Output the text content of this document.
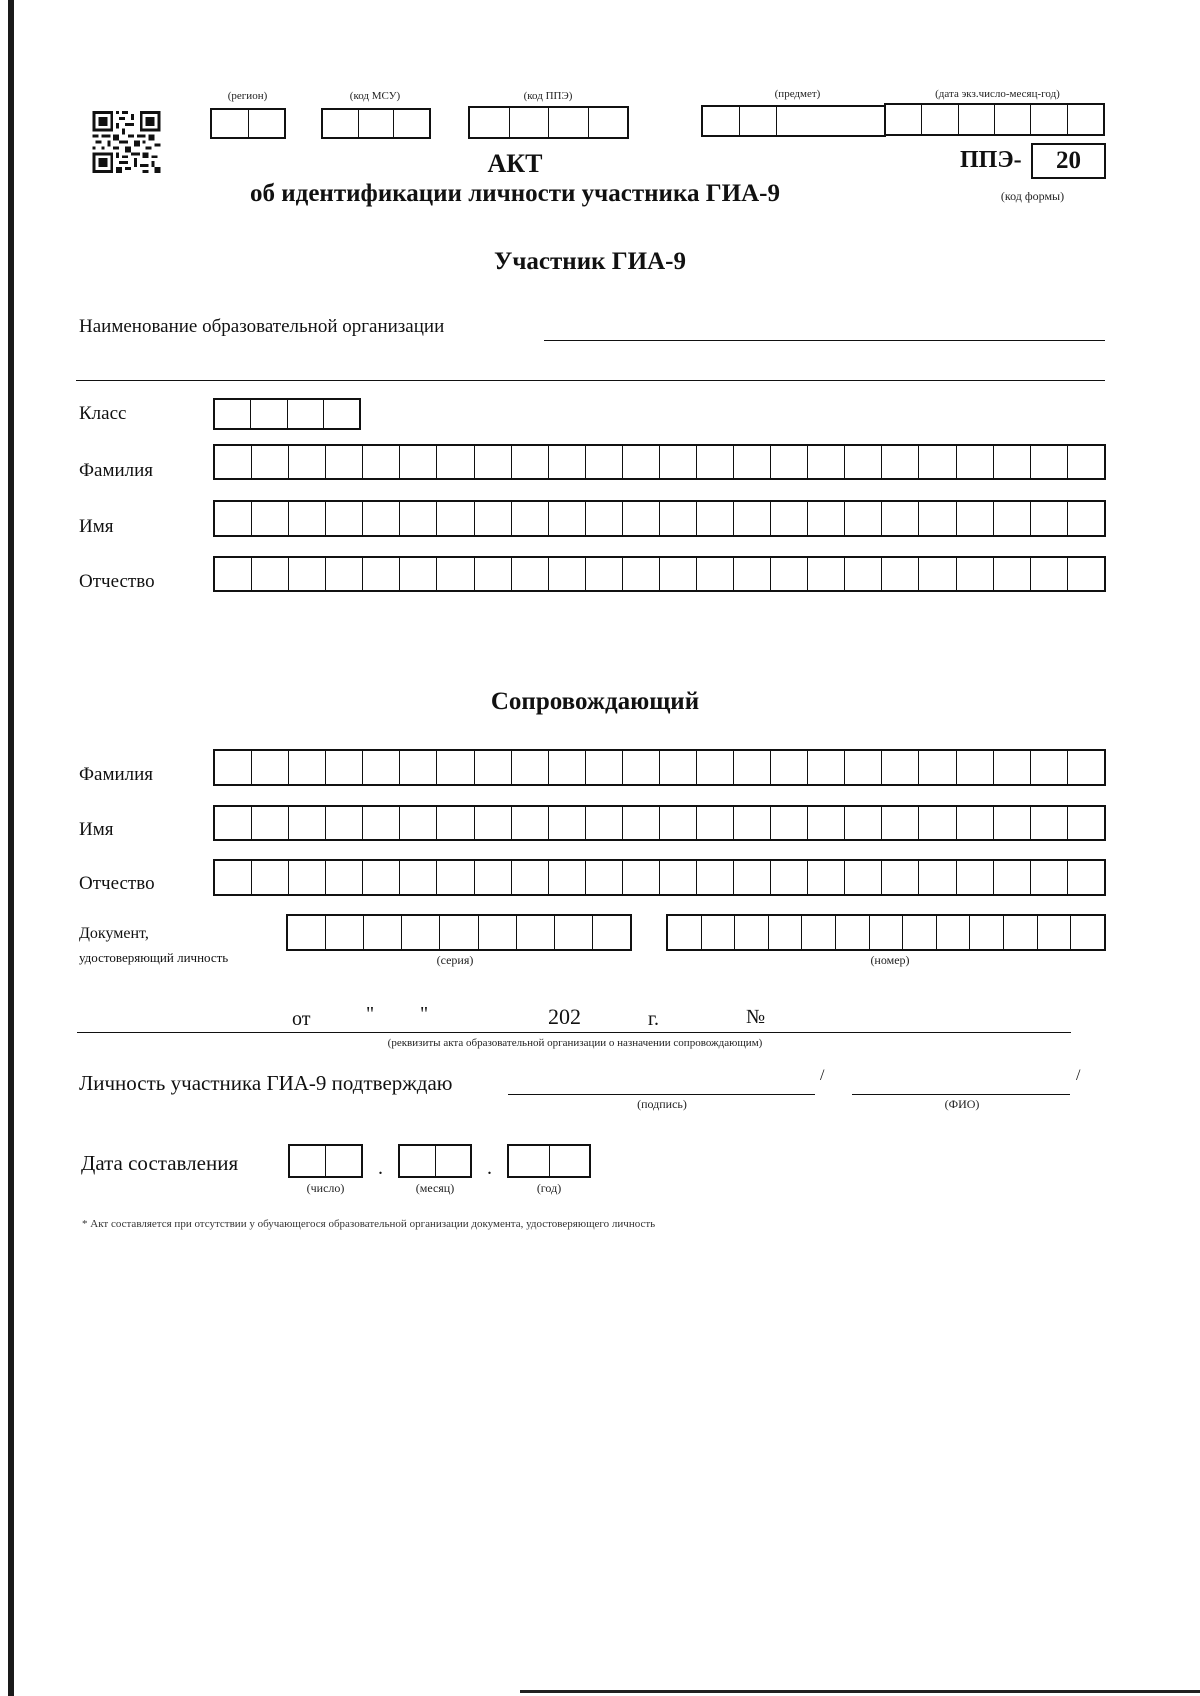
(регион)	(код МСУ)	(код ППЭ)	(предмет)	(дата экз.число-месяц-год)
ППЭ-	20
(код формы)
АКТ
об идентификации личности участника ГИА-9
Участник ГИА-9
Наименование образовательной организации
Класс
Фамилия
Имя
Отчество
Сопровождающий
Фамилия
Имя
Отчество
Документ,
удостоверяющий личность	(серия)	(номер)
от	" "	202	г.	№
(реквизиты акта образовательной организации о назначении сопровождающим)
Личность участника ГИА-9 подтверждаю	/	/
(подпись)	(ФИО)
Дата составления	.	.
(число)	(месяц)	(год)
* Акт составляется при отсутствии у обучающегося образовательной организации документа, удостоверяющего личность
